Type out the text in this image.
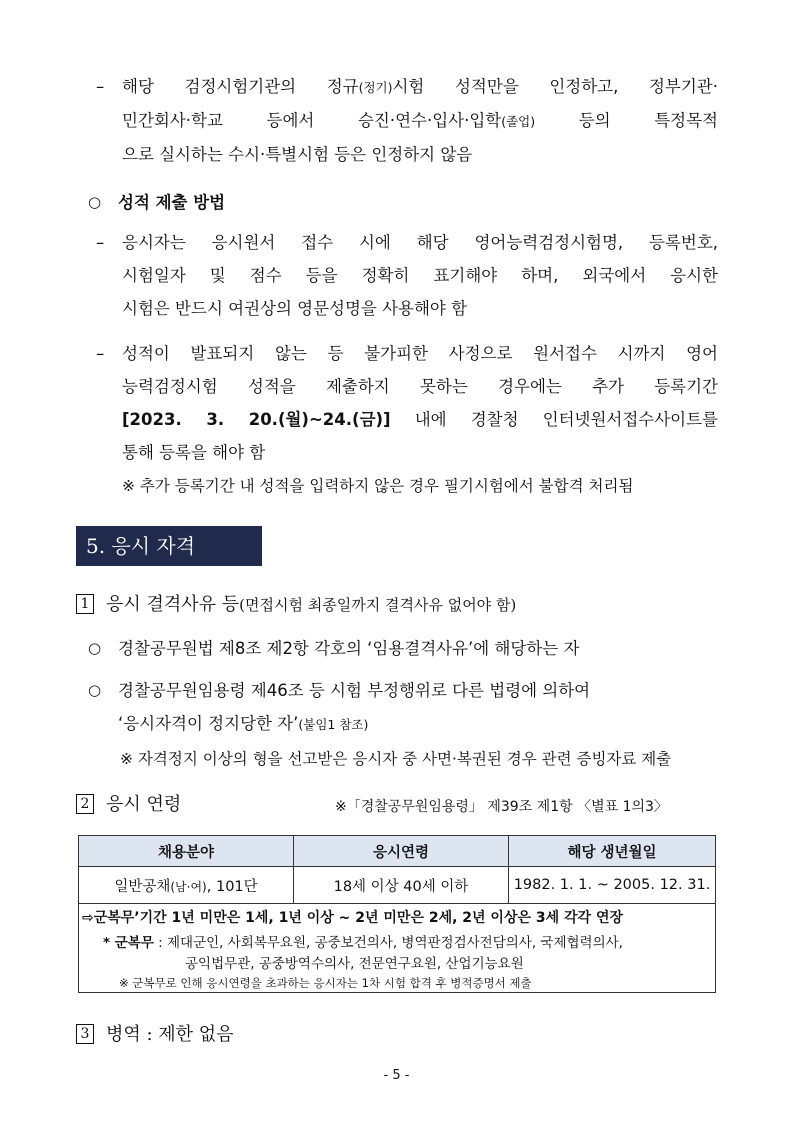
–	해당 검정시험기관의 정규(정기)시험 성적만을 인정하고, 정부기관·
민간회사·학교 등에서 승진·연수·입사·입학(졸업) 등의 특정목적
으로 실시하는 수시·특별시험 등은 인정하지 않음
○	성적 제출 방법
–	응시자는 응시원서 접수 시에 해당 영어능력검정시험명, 등록번호,
시험일자 및 점수 등을 정확히 표기해야 하며, 외국에서 응시한
시험은 반드시 여권상의 영문성명을 사용해야 함
–	성적이 발표되지 않는 등 불가피한 사정으로 원서접수 시까지 영어
능력검정시험 성적을 제출하지 못하는 경우에는 추가 등록기간
[2023. 3. 20.(월)~24.(금)] 내에 경찰청 인터넷원서접수사이트를
통해 등록을 해야 함
※ 추가 등록기간 내 성적을 입력하지 않은 경우 필기시험에서 불합격 처리됨
5. 응시 자격
1 응시 결격사유 등(면접시험 최종일까지 결격사유 없어야 함)
○	경찰공무원법 제8조 제2항 각호의 ‘임용결격사유’에 해당하는 자
○	경찰공무원임용령 제46조 등 시험 부정행위로 다른 법령에 의하여
‘응시자격이 정지당한 자’(붙임1 참조)
※ 자격정지 이상의 형을 선고받은 응시자 중 사면·복권된 경우 관련 증빙자료 제출
2 응시 연령	※「경찰공무원임용령」 제39조 제1항 〈별표 1의3〉
채용분야	응시연령	해당 생년월일
일반공채(남·여), 101단	18세 이상 40세 이하	1982. 1. 1. ~ 2005. 12. 31.
⇨군복무’기간 1년 미만은 1세, 1년 이상 ~ 2년 미만은 2세, 2년 이상은 3세 각각 연장
* 군복무 : 제대군인, 사회복무요원, 공중보건의사, 병역판정검사전담의사, 국제협력의사,
공익법무관, 공중방역수의사, 전문연구요원, 산업기능요원
※ 군복무로 인해 응시연령을 초과하는 응시자는 1차 시험 합격 후 병적증명서 제출
3 병역 : 제한 없음
- 5 -
